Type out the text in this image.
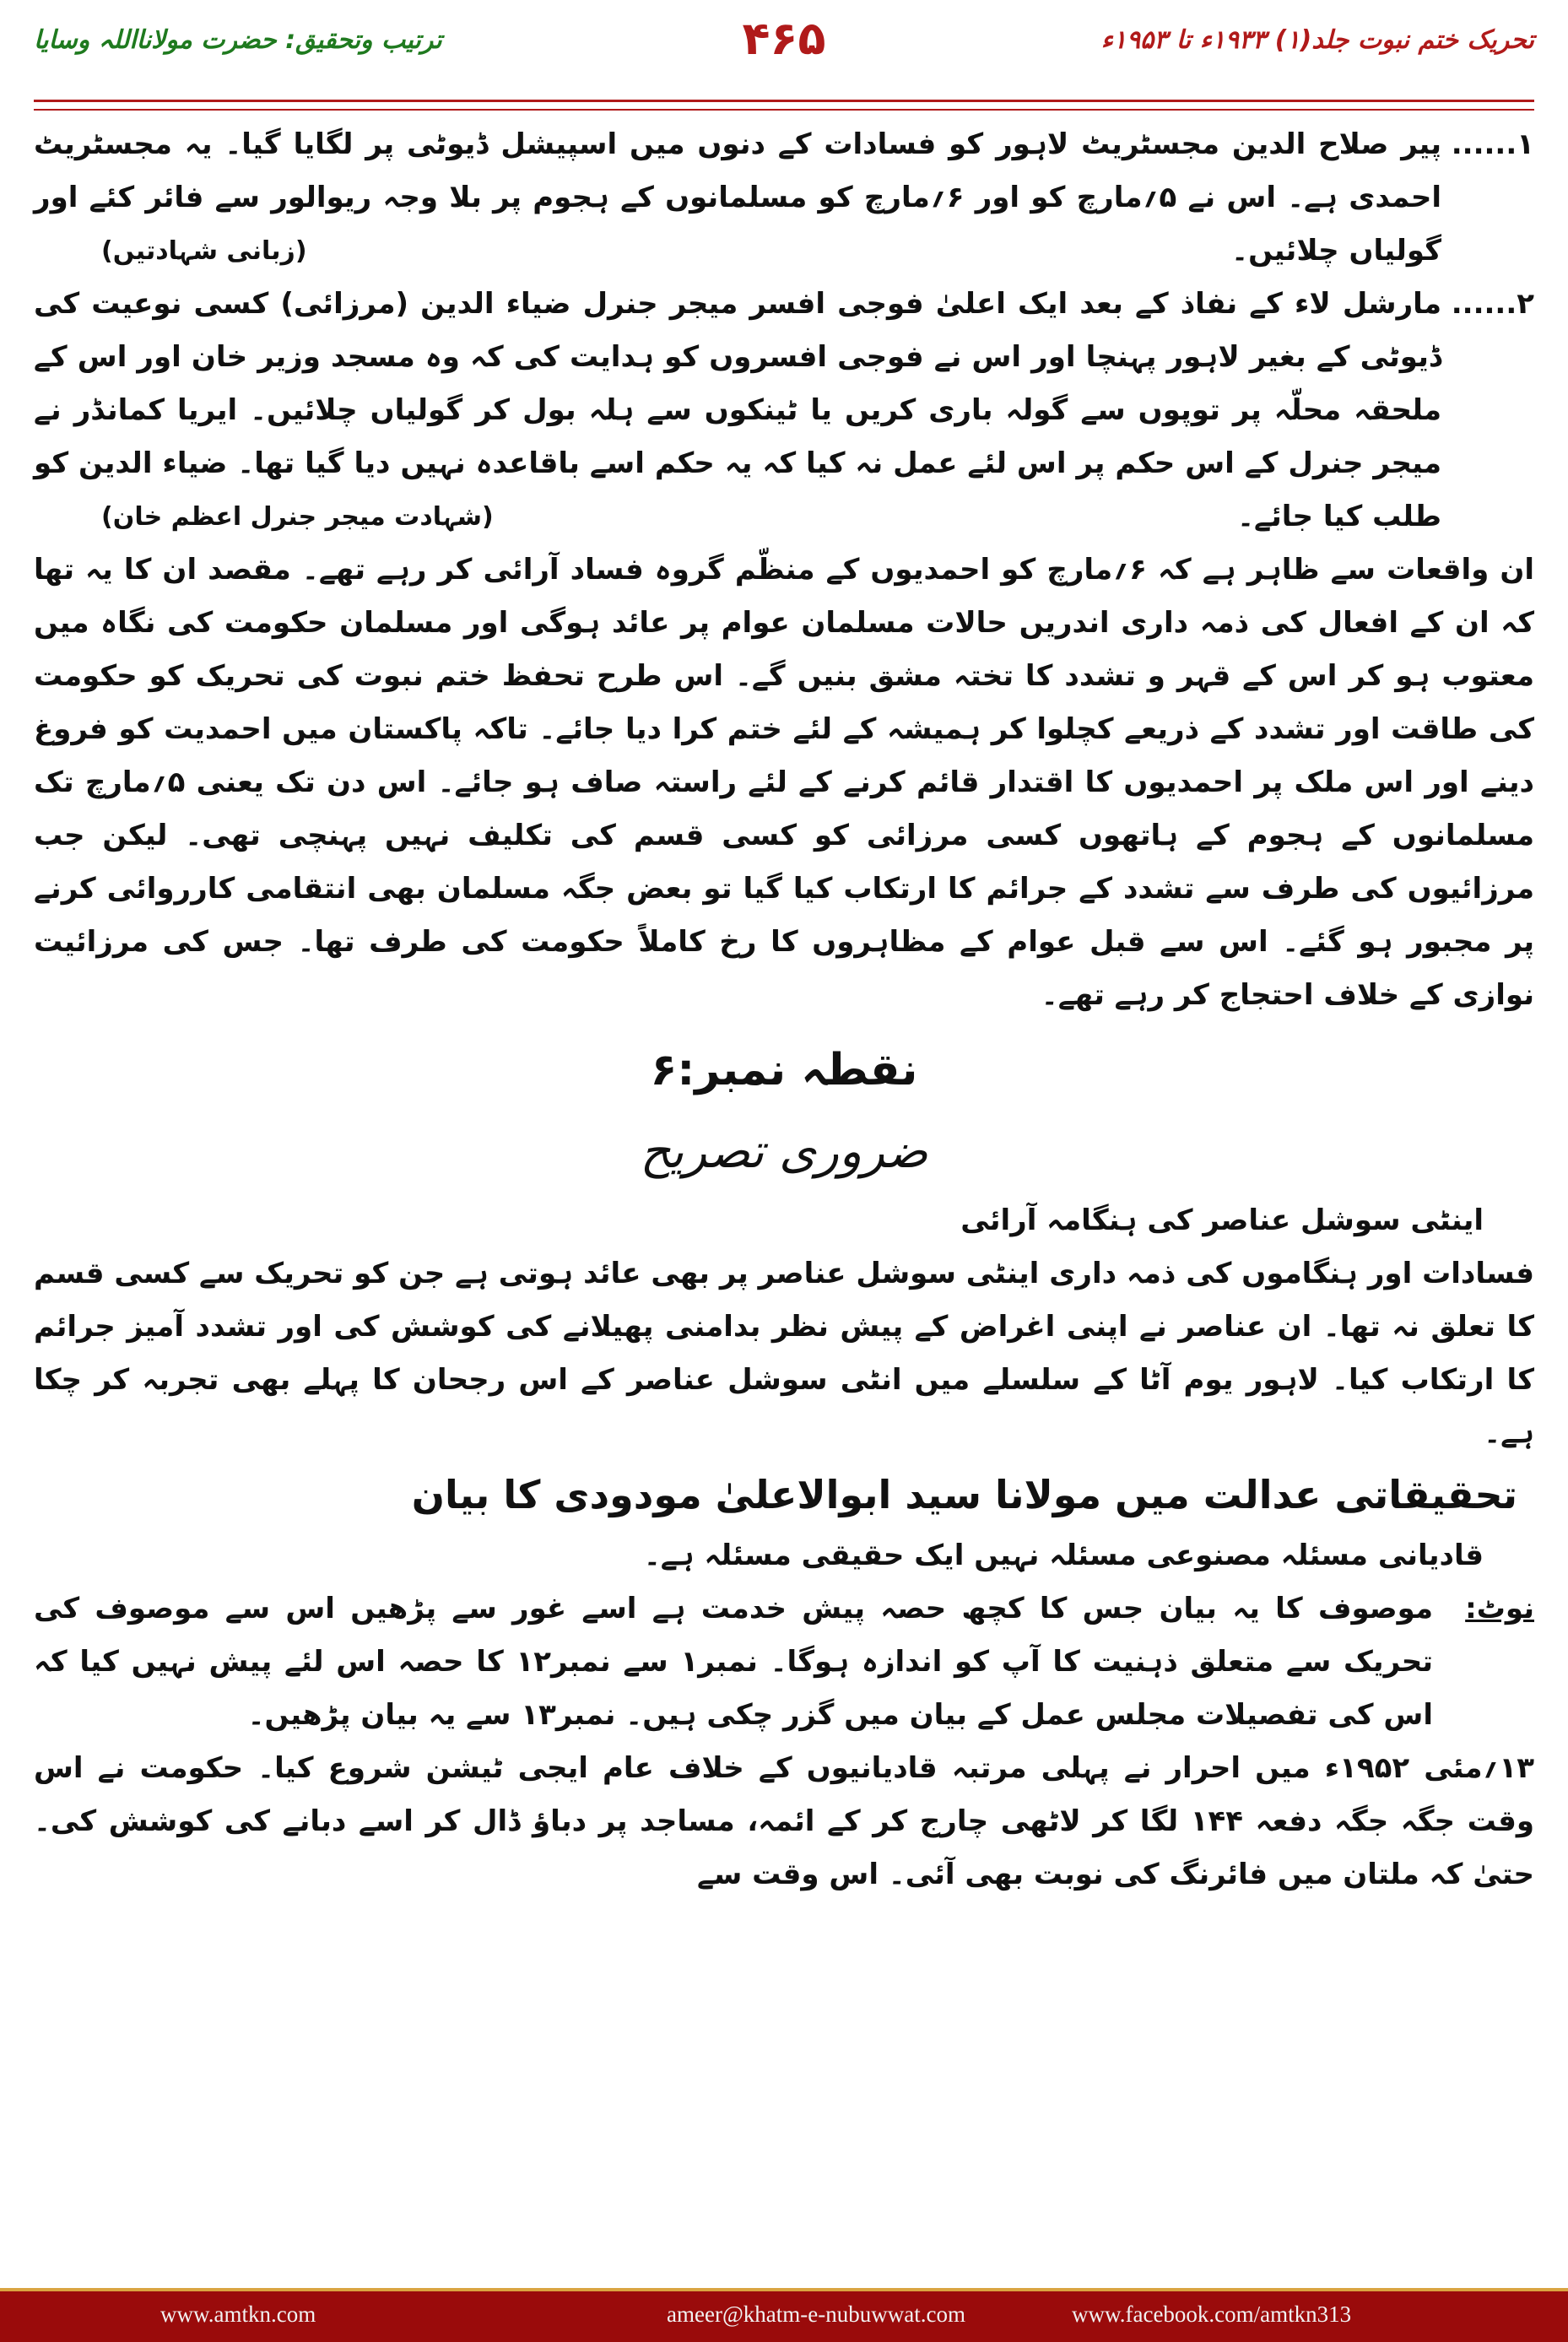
تحریک ختم نبوت جلد(۱) ۱۹۳۳ء تا ۱۹۵۳ء
۴۶۵
ترتیب وتحقیق: حضرت مولانااللہ وسایا

۱......
پیر صلاح الدین مجسٹریٹ لاہور کو فسادات کے دنوں میں اسپیشل ڈیوٹی پر لگایا گیا۔ یہ مجسٹریٹ احمدی ہے۔ اس نے ۵؍مارچ کو اور ۶؍مارچ کو مسلمانوں کے ہجوم پر بلا وجہ ریوالور سے فائر کئے اور گولیاں چلائیں۔
(زبانی شہادتیں)

۲......
مارشل لاء کے نفاذ کے بعد ایک اعلیٰ فوجی افسر میجر جنرل ضیاء الدین (مرزائی) کسی نوعیت کی ڈیوٹی کے بغیر لاہور پہنچا اور اس نے فوجی افسروں کو ہدایت کی کہ وہ مسجد وزیر خان اور اس کے ملحقہ محلّہ پر توپوں سے گولہ باری کریں یا ٹینکوں سے ہلہ بول کر گولیاں چلائیں۔ ایریا کمانڈر نے میجر جنرل کے اس حکم پر اس لئے عمل نہ کیا کہ یہ حکم اسے باقاعدہ نہیں دیا گیا تھا۔ ضیاء الدین کو طلب کیا جائے۔
(شہادت میجر جنرل اعظم خان)

ان واقعات سے ظاہر ہے کہ ۶؍مارچ کو احمدیوں کے منظّم گروہ فساد آرائی کر رہے تھے۔ مقصد ان کا یہ تھا کہ ان کے افعال کی ذمہ داری اندریں حالات مسلمان عوام پر عائد ہوگی اور مسلمان حکومت کی نگاہ میں معتوب ہو کر اس کے قہر و تشدد کا تختہ مشق بنیں گے۔ اس طرح تحفظ ختم نبوت کی تحریک کو حکومت کی طاقت اور تشدد کے ذریعے کچلوا کر ہمیشہ کے لئے ختم کرا دیا جائے۔ تاکہ پاکستان میں احمدیت کو فروغ دینے اور اس ملک پر احمدیوں کا اقتدار قائم کرنے کے لئے راستہ صاف ہو جائے۔ اس دن تک یعنی ۵؍مارچ تک مسلمانوں کے ہجوم کے ہاتھوں کسی مرزائی کو کسی قسم کی تکلیف نہیں پہنچی تھی۔ لیکن جب مرزائیوں کی طرف سے تشدد کے جرائم کا ارتکاب کیا گیا تو بعض جگہ مسلمان بھی انتقامی کارروائی کرنے پر مجبور ہو گئے۔ اس سے قبل عوام کے مظاہروں کا رخ کاملاً حکومت کی طرف تھا۔ جس کی مرزائیت نوازی کے خلاف احتجاج کر رہے تھے۔

نقطہ نمبر:۶
ضروری تصریح

اینٹی سوشل عناصر کی ہنگامہ آرائی

فسادات اور ہنگاموں کی ذمہ داری اینٹی سوشل عناصر پر بھی عائد ہوتی ہے جن کو تحریک سے کسی قسم کا تعلق نہ تھا۔ ان عناصر نے اپنی اغراض کے پیش نظر بدامنی پھیلانے کی کوشش کی اور تشدد آمیز جرائم کا ارتکاب کیا۔ لاہور یوم آٹا کے سلسلے میں انٹی سوشل عناصر کے اس رجحان کا پہلے بھی تجربہ کر چکا ہے۔

تحقیقاتی عدالت میں مولانا سید ابوالاعلیٰ مودودی کا بیان

قادیانی مسئلہ مصنوعی مسئلہ نہیں ایک حقیقی مسئلہ ہے۔

نوٹ:
موصوف کا یہ بیان جس کا کچھ حصہ پیش خدمت ہے اسے غور سے پڑھیں اس سے موصوف کی تحریک سے متعلق ذہنیت کا آپ کو اندازہ ہوگا۔ نمبر۱ سے نمبر۱۲ کا حصہ اس لئے پیش نہیں کیا کہ اس کی تفصیلات مجلس عمل کے بیان میں گزر چکی ہیں۔ نمبر۱۳ سے یہ بیان پڑھیں۔

۱۳؍مئی ۱۹۵۲ء میں احرار نے پہلی مرتبہ قادیانیوں کے خلاف عام ایجی ٹیشن شروع کیا۔ حکومت نے اس وقت جگہ جگہ دفعہ ۱۴۴ لگا کر لاٹھی چارج کر کے ائمہ، مساجد پر دباؤ ڈال کر اسے دبانے کی کوشش کی۔ حتیٰ کہ ملتان میں فائرنگ کی نوبت بھی آئی۔ اس وقت سے

www.amtkn.com	ameer@khatm-e-nubuwwat.com	www.facebook.com/amtkn313
